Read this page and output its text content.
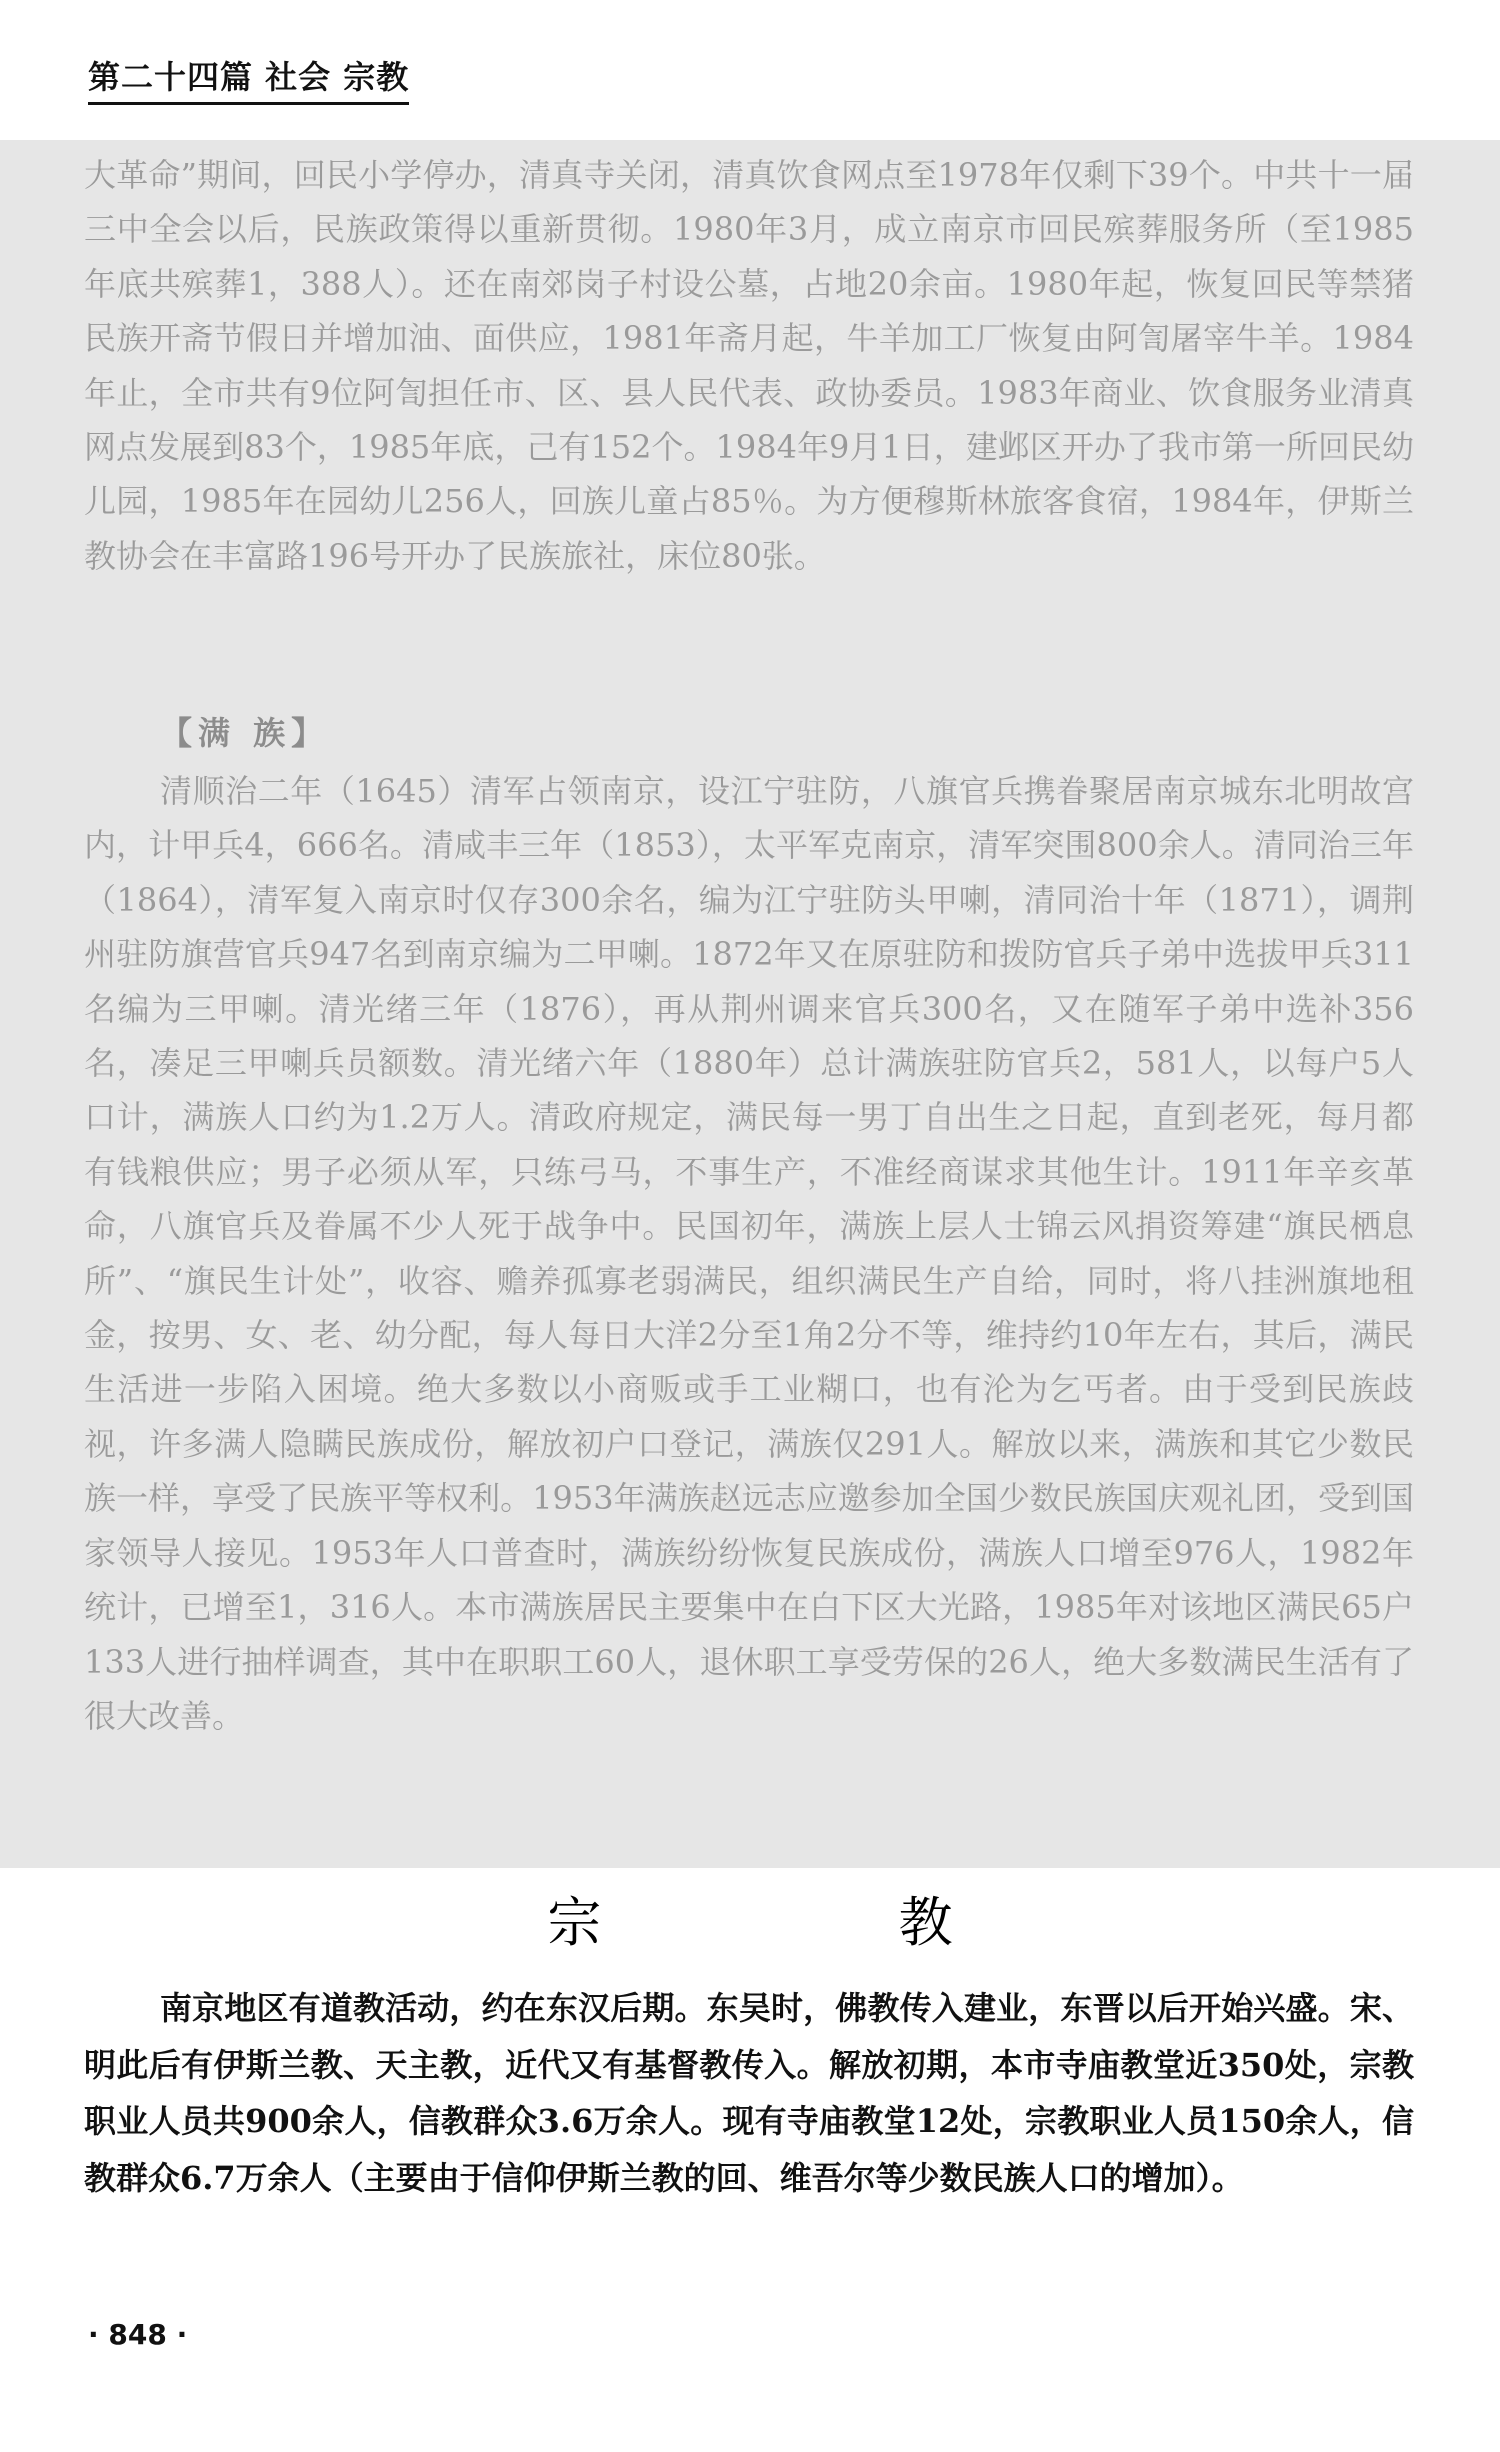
第二十四篇 社会 宗教

大革命”期间，回民小学停办，清真寺关闭，清真饮食网点至1978年仅剩下39个。中共十一届三中全会以后，民族政策得以重新贯彻。1980年3月，成立南京市回民殡葬服务所（至1985年底共殡葬1，388人）。还在南郊岗子村设公墓，占地20余亩。1980年起，恢复回民等禁猪民族开斋节假日并增加油、面供应，1981年斋月起，牛羊加工厂恢复由阿訇屠宰牛羊。1984年止，全市共有9位阿訇担任市、区、县人民代表、政协委员。1983年商业、饮食服务业清真网点发展到83个，1985年底，己有152个。1984年9月1日，建邺区开办了我市第一所回民幼儿园，1985年在园幼儿256人，回族儿童占85％。为方便穆斯林旅客食宿，1984年，伊斯兰教协会在丰富路196号开办了民族旅社，床位80张。

【满 族】

清顺治二年（1645）清军占领南京，设江宁驻防，八旗官兵携眷聚居南京城东北明故宫内，计甲兵4，666名。清咸丰三年（1853），太平军克南京，清军突围800余人。清同治三年（1864），清军复入南京时仅存300余名，编为江宁驻防头甲喇，清同治十年（1871），调荆州驻防旗营官兵947名到南京编为二甲喇。1872年又在原驻防和拨防官兵子弟中选拔甲兵311名编为三甲喇。清光绪三年（1876），再从荆州调来官兵300名，又在随军子弟中选补356名，凑足三甲喇兵员额数。清光绪六年（1880年）总计满族驻防官兵2，581人，以每户5人口计，满族人口约为1.2万人。清政府规定，满民每一男丁自出生之日起，直到老死，每月都有钱粮供应；男子必须从军，只练弓马，不事生产，不准经商谋求其他生计。1911年辛亥革命，八旗官兵及眷属不少人死于战争中。民国初年，满族上层人士锦云风捐资筹建“旗民栖息所”、“旗民生计处”，收容、赡养孤寡老弱满民，组织满民生产自给，同时，将八挂洲旗地租金，按男、女、老、幼分配，每人每日大洋2分至1角2分不等，维持约10年左右，其后，满民生活进一步陷入困境。绝大多数以小商贩或手工业糊口，也有沦为乞丐者。由于受到民族歧视，许多满人隐瞒民族成份，解放初户口登记，满族仅291人。解放以来，满族和其它少数民族一样，享受了民族平等权利。1953年满族赵远志应邀参加全国少数民族国庆观礼团，受到国家领导人接见。1953年人口普查时，满族纷纷恢复民族成份，满族人口增至976人，1982年统计，已增至1，316人。本市满族居民主要集中在白下区大光路，1985年对该地区满民65户133人进行抽样调查，其中在职职工60人，退休职工享受劳保的26人，绝大多数满民生活有了很大改善。

宗 教

南京地区有道教活动，约在东汉后期。东吴时，佛教传入建业，东晋以后开始兴盛。宋、明此后有伊斯兰教、天主教，近代又有基督教传入。解放初期，本市寺庙教堂近350处，宗教职业人员共900余人，信教群众3.6万余人。现有寺庙教堂12处，宗教职业人员150余人，信教群众6.7万余人（主要由于信仰伊斯兰教的回、维吾尔等少数民族人口的增加）。

· 848 ·
